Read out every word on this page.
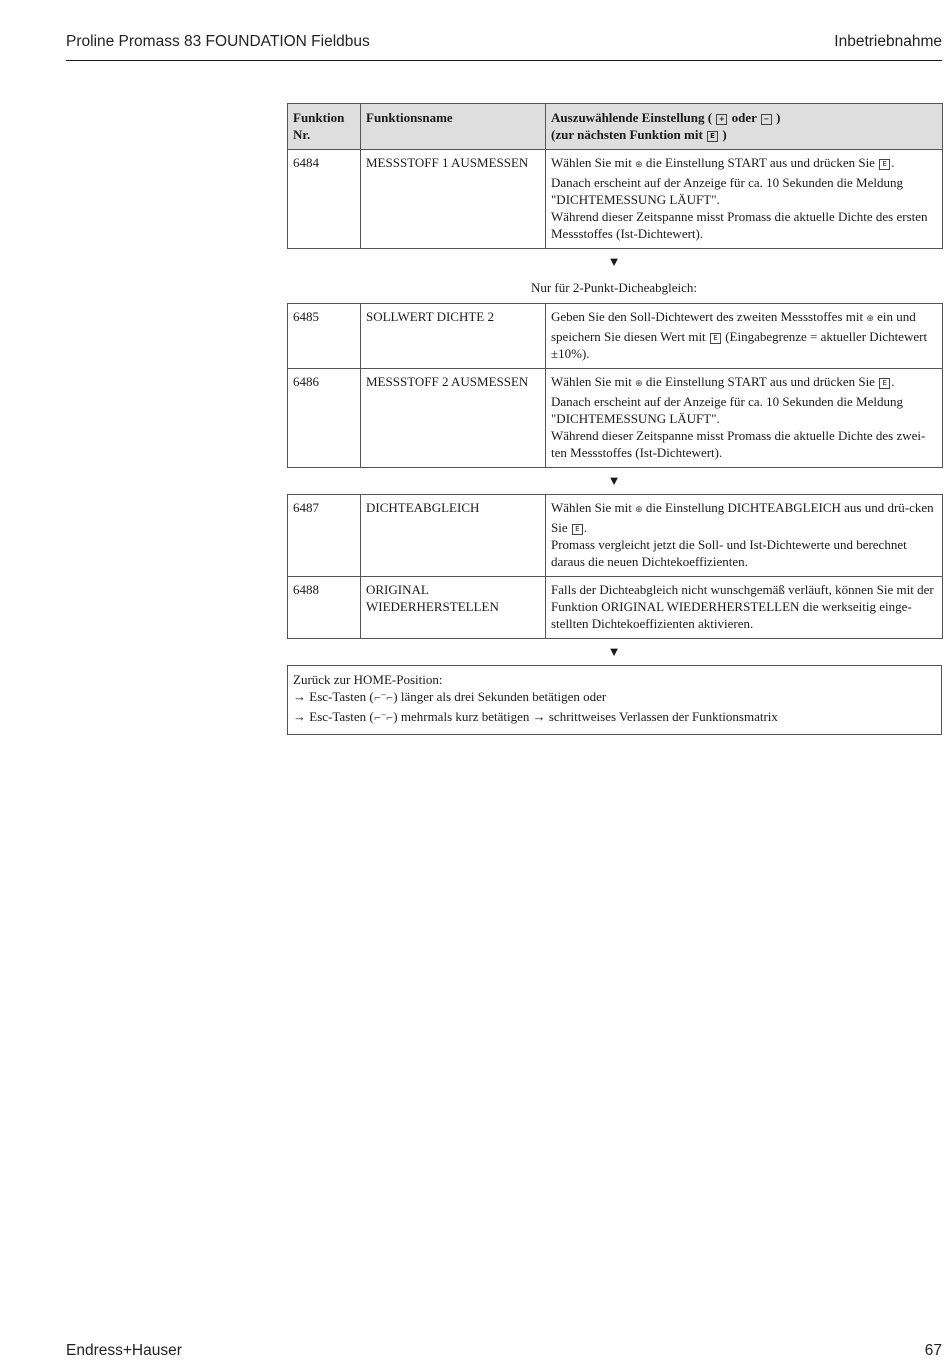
Proline Promass 83 FOUNDATION Fieldbus	Inbetriebnahme
Funktion
Nr.	Funktionsname	Auszuwählende Einstellung ( + oder − )
(zur nächsten Funktion mit E )
6484	MESSSTOFF 1 AUSMESSEN	Wählen Sie mit ⊕ die Einstellung START aus und drücken Sie E .
Danach erscheint auf der Anzeige für ca. 10 Sekunden die Meldung "DICHTEMESSUNG LÄUFT".
Während dieser Zeitspanne misst Promass die aktuelle Dichte des ersten Messstoffes (Ist-Dichtewert).
▼
Nur für 2-Punkt-Dicheabgleich:
6485	SOLLWERT DICHTE 2	Geben Sie den Soll-Dichtewert des zweiten Messstoffes mit ⊕ ein und speichern Sie diesen Wert mit E (Eingabegrenze = aktueller Dichtewert ±10%).
6486	MESSSTOFF 2 AUSMESSEN	Wählen Sie mit ⊕ die Einstellung START aus und drücken Sie E .
Danach erscheint auf der Anzeige für ca. 10 Sekunden die Meldung "DICHTEMESSUNG LÄUFT".
Während dieser Zeitspanne misst Promass die aktuelle Dichte des zwei-ten Messstoffes (Ist-Dichtewert).
▼
6487	DICHTEABGLEICH	Wählen Sie mit ⊕ die Einstellung DICHTEABGLEICH aus und drü-cken Sie E .
Promass vergleicht jetzt die Soll- und Ist-Dichtewerte und berechnet daraus die neuen Dichtekoeffizienten.
6488	ORIGINAL WIEDERHERSTELLEN	Falls der Dichteabgleich nicht wunschgemäß verläuft, können Sie mit der Funktion ORIGINAL WIEDERHERSTELLEN die werkseitig einge-stellten Dichtekoeffizienten aktivieren.
▼
Zurück zur HOME-Position:
→ Esc-Tasten (⌐‾⌐) länger als drei Sekunden betätigen oder
→ Esc-Tasten (⌐‾⌐) mehrmals kurz betätigen → schrittweises Verlassen der Funktionsmatrix
Endress+Hauser	67
